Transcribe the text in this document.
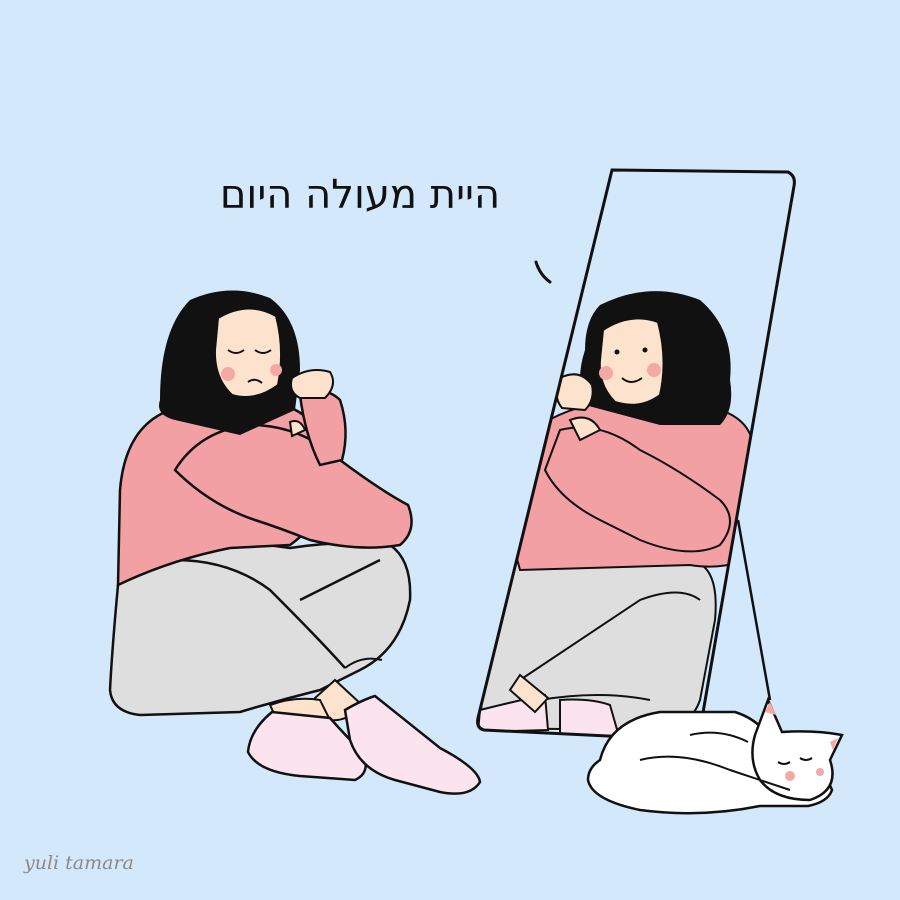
היית מעולה היום
yuli tamara
